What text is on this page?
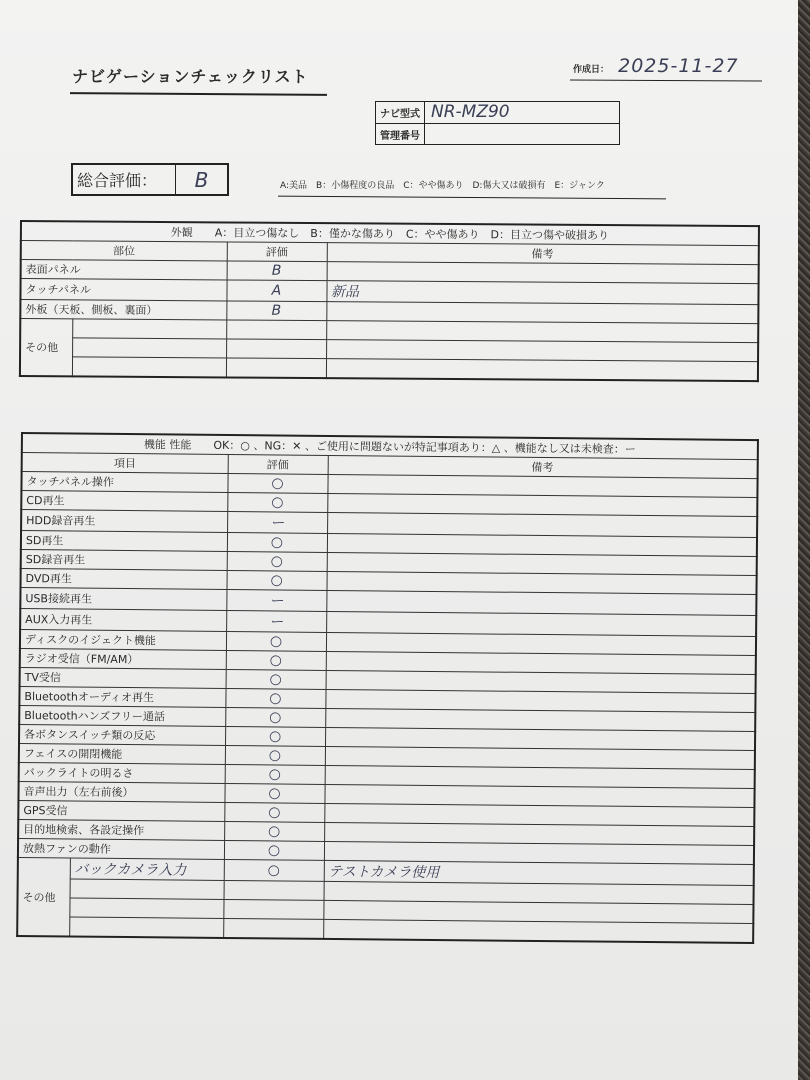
ナビゲーションチェックリスト	作成日： 2025-11-27
ナビ型式 NR-MZ90
管理番号
総合評価：	B	A:美品　B：小傷程度の良品　C：やや傷あり　D:傷大又は破損有　E：ジャンク
外観　　A：目立つ傷なし　B：僅かな傷あり　C：やや傷あり　D：目立つ傷や破損あり			
部位		評価	備考
表面パネル		B	
タッチパネル		A	新品
外板（天板、側板、裏面）		B	
その他			

機能 性能　　OK：○ 、NG：✕ 、ご使用に問題ないが特記事項あり：△ 、機能なし又は未検査：ー			
項目		評価	備考
タッチパネル操作		○	
CD再生		○	
HDD録音再生		ー	
SD再生		○	
SD録音再生		○	
DVD再生		○	
USB接続再生		ー	
AUX入力再生		ー	
ディスクのイジェクト機能		○	
ラジオ受信（FM/AM）		○	
TV受信		○	
Bluetoothオーディオ再生		○	
Bluetoothハンズフリー通話		○	
各ボタンスイッチ類の反応		○	
フェイスの開閉機能		○	
バックライトの明るさ		○	
音声出力（左右前後）		○	
GPS受信		○	
目的地検索、各設定操作		○	
放熱ファンの動作		○	
その他	バックカメラ入力	○	テストカメラ使用
